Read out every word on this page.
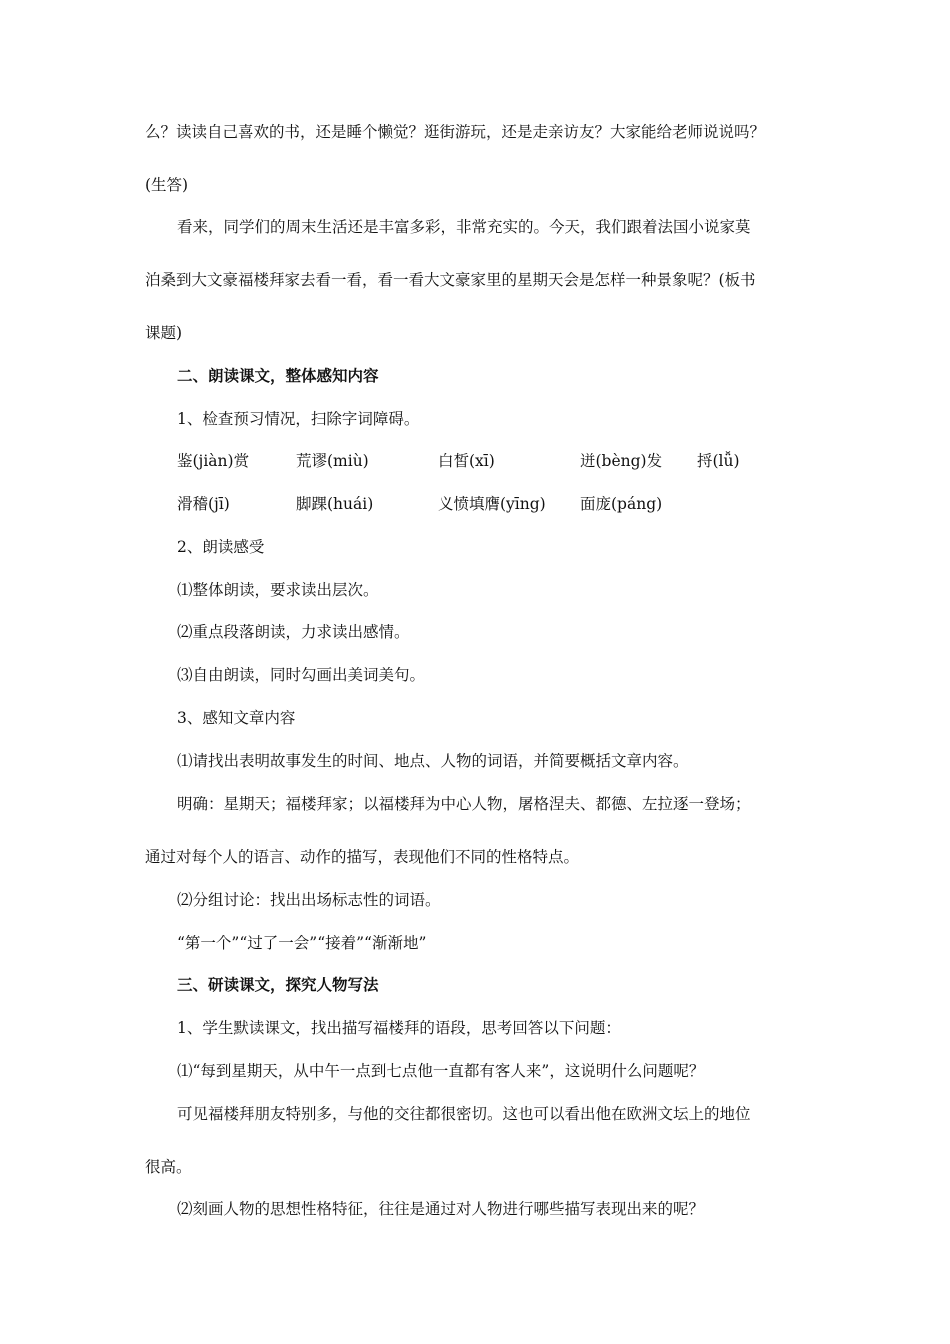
么？读读自己喜欢的书，还是睡个懒觉？逛街游玩，还是走亲访友？大家能给老师说说吗？
(生答)
看来，同学们的周末生活还是丰富多彩，非常充实的。今天，我们跟着法国小说家莫
泊桑到大文豪福楼拜家去看一看，看一看大文豪家里的星期天会是怎样一种景象呢？(板书
课题)
二、朗读课文，整体感知内容
1、检查预习情况，扫除字词障碍。
鉴(jiàn)赏	荒谬(miù)	白皙(xī)	迸(bèng)发 捋(lǚ)
滑稽(jī)	脚踝(huái)	义愤填膺(yīng) 面庞(páng)
2、朗读感受
⑴整体朗读，要求读出层次。
⑵重点段落朗读，力求读出感情。
⑶自由朗读，同时勾画出美词美句。
3、感知文章内容
⑴请找出表明故事发生的时间、地点、人物的词语，并简要概括文章内容。
明确：星期天；福楼拜家；以福楼拜为中心人物，屠格涅夫、都德、左拉逐一登场；
通过对每个人的语言、动作的描写，表现他们不同的性格特点。
⑵分组讨论：找出出场标志性的词语。
“第一个”“过了一会”“接着”“渐渐地”
三、研读课文，探究人物写法
1、学生默读课文，找出描写福楼拜的语段，思考回答以下问题：
⑴“每到星期天，从中午一点到七点他一直都有客人来”，这说明什么问题呢？
可见福楼拜朋友特别多，与他的交往都很密切。这也可以看出他在欧洲文坛上的地位
很高。
⑵刻画人物的思想性格特征，往往是通过对人物进行哪些描写表现出来的呢？
